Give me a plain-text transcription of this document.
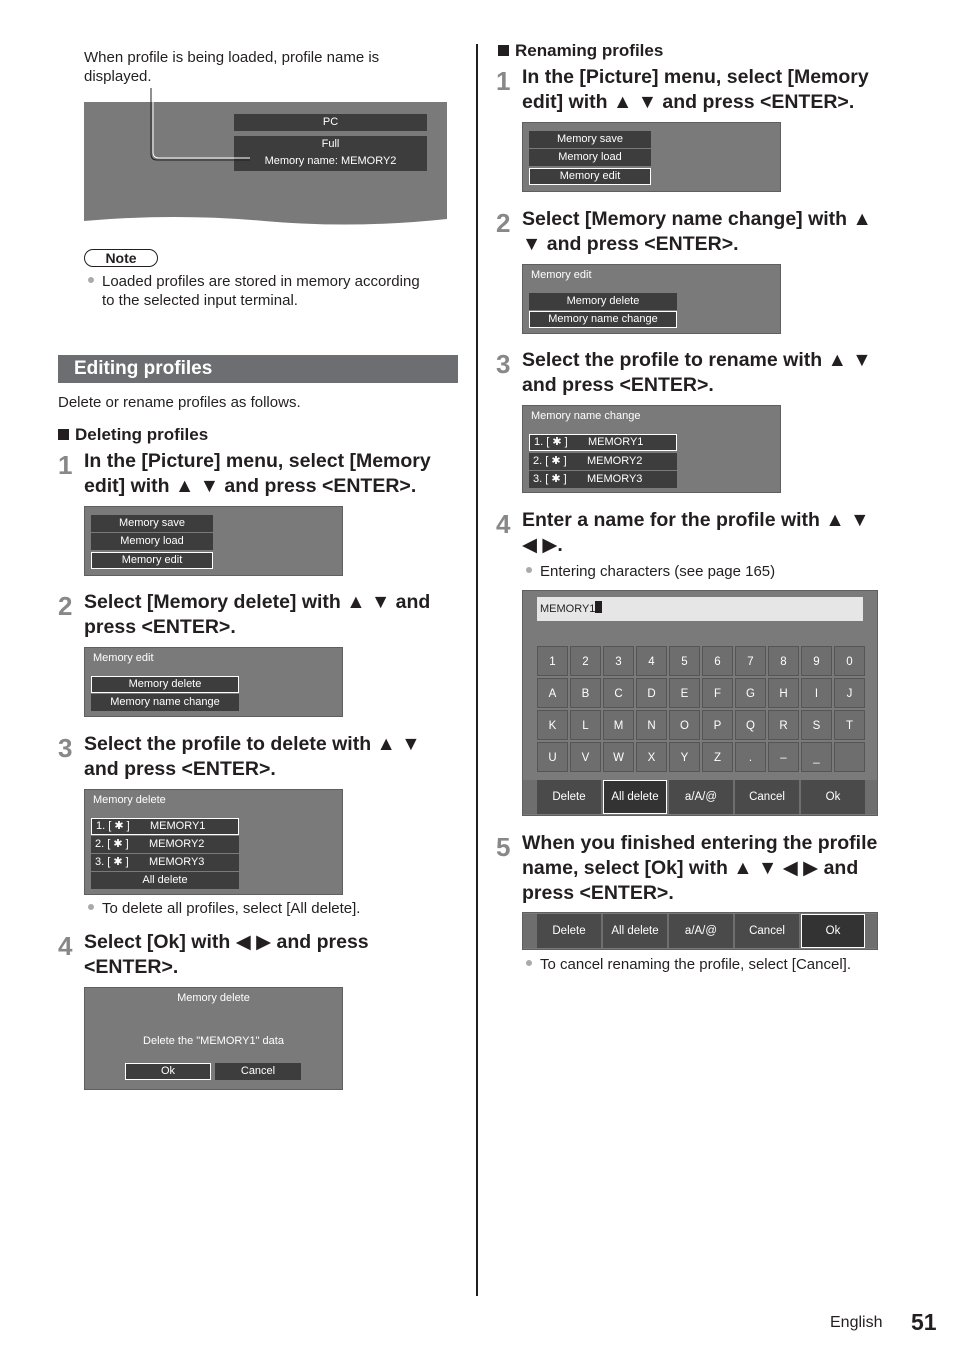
When profile is being loaded, profile name is
displayed.
PC
Full
Memory name: MEMORY2
Note
Loaded profiles are stored in memory according
to the selected input terminal.
Editing profiles
Delete or rename profiles as follows.
Deleting profiles
1 In the [Picture] menu, select [Memory
edit] with ▲ ▼ and press <ENTER>.
Memory save
Memory load
Memory edit
2 Select [Memory delete] with ▲ ▼ and
press <ENTER>.
Memory edit
Memory delete
Memory name change
3 Select the profile to delete with ▲ ▼
and press <ENTER>.
Memory delete
1. [ ✱ ] MEMORY1
2. [ ✱ ] MEMORY2
3. [ ✱ ] MEMORY3
All delete
To delete all profiles, select [All delete].
4 Select [Ok] with ◀ ▶ and press
<ENTER>.
Memory delete
Delete the "MEMORY1" data
Ok	Cancel
Renaming profiles
1 In the [Picture] menu, select [Memory
edit] with ▲ ▼ and press <ENTER>.
Memory save
Memory load
Memory edit
2 Select [Memory name change] with ▲
▼ and press <ENTER>.
Memory edit
Memory delete
Memory name change
3 Select the profile to rename with ▲ ▼
and press <ENTER>.
Memory name change
1. [ ✱ ] MEMORY1
2. [ ✱ ] MEMORY2
3. [ ✱ ] MEMORY3
4 Enter a name for the profile with ▲ ▼
◀ ▶.
Entering characters (see page 165)
MEMORY1
1	2	3	4	5	6	7	8	9	0
A	B	C	D	E	F	G	H	I	J
K	L	M	N	O	P	Q	R	S	T
U	V	W	X	Y	Z	.	–	_
Delete	All delete	a/A/@	Cancel	Ok
5 When you finished entering the profile
name, select [Ok] with ▲ ▼ ◀ ▶ and
press <ENTER>.
Delete	All delete	a/A/@	Cancel	Ok
To cancel renaming the profile, select [Cancel].
English 51
